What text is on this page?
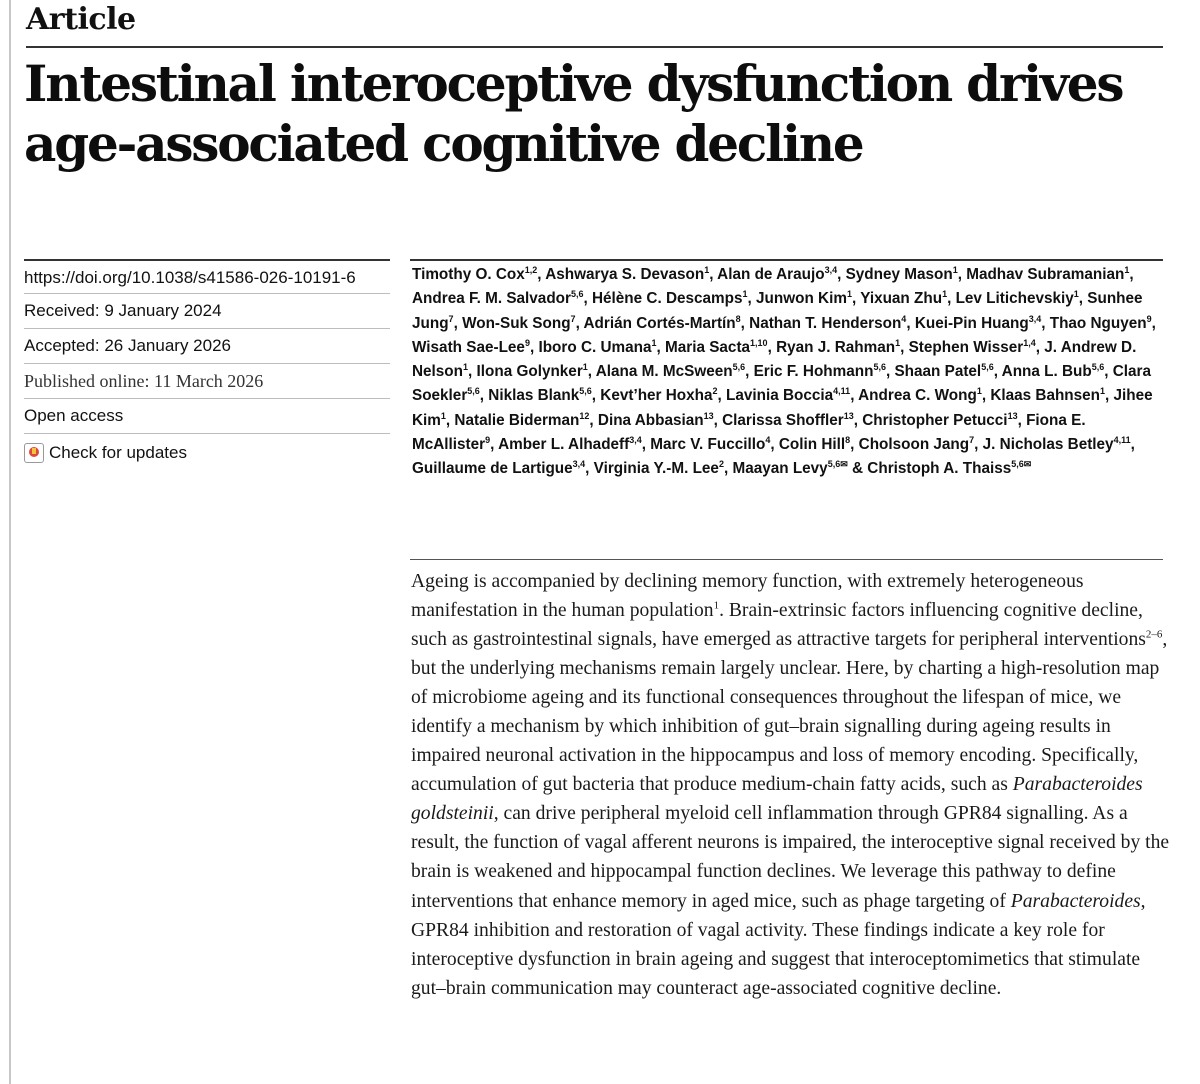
Article
Intestinal interoceptive dysfunction drives age-associated cognitive decline
https://doi.org/10.1038/s41586-026-10191-6
Received: 9 January 2024
Accepted: 26 January 2026
Published online: 11 March 2026
Open access
Check for updates

Timothy O. Cox$^{1,2}$, Ashwarya S. Devason$^1$, Alan de Araujo$^{3,4}$, Sydney Mason$^1$, Madhav Subramanian$^1$, Andrea F. M. Salvador$^{5,6}$, Hélène C. Descamps$^1$, Junwon Kim$^1$, Yixuan Zhu$^1$, Lev Litichevskiy$^1$, Sunhee Jung$^7$, Won-Suk Song$^7$, Adrián Cortés-Martín$^8$, Nathan T. Henderson$^4$, Kuei-Pin Huang$^{3,4}$, Thao Nguyen$^9$, Wisath Sae-Lee$^9$, Iboro C. Umana$^1$, Maria Sacta$^{1,10}$, Ryan J. Rahman$^1$, Stephen Wisser$^{1,4}$, J. Andrew D. Nelson$^1$, Ilona Golynker$^1$, Alana M. McSween$^{5,6}$, Eric F. Hohmann$^{5,6}$, Shaan Patel$^{5,6}$, Anna L. Bub$^{5,6}$, Clara Soekler$^{5,6}$, Niklas Blank$^{5,6}$, Kevt’her Hoxha$^2$, Lavinia Boccia$^{4,11}$, Andrea C. Wong$^1$, Klaas Bahnsen$^1$, Jihee Kim$^1$, Natalie Biderman$^{12}$, Dina Abbasian$^{13}$, Clarissa Shoffler$^{13}$, Christopher Petucci$^{13}$, Fiona E. McAllister$^9$, Amber L. Alhadeff$^{3,4}$, Marc V. Fuccillo$^4$, Colin Hill$^8$, Cholsoon Jang$^7$, J. Nicholas Betley$^{4,11}$, Guillaume de Lartigue$^{3,4}$, Virginia Y.-M. Lee$^2$, Maayan Levy$^{5,6✉}$ & Christoph A. Thaiss$^{5,6✉}$

Ageing is accompanied by declining memory function, with extremely heterogeneous manifestation in the human population$^1$. Brain-extrinsic factors influencing cognitive decline, such as gastrointestinal signals, have emerged as attractive targets for peripheral interventions$^{2-6}$, but the underlying mechanisms remain largely unclear. Here, by charting a high-resolution map of microbiome ageing and its functional consequences throughout the lifespan of mice, we identify a mechanism by which inhibition of gut–brain signalling during ageing results in impaired neuronal activation in the hippocampus and loss of memory encoding. Specifically, accumulation of gut bacteria that produce medium-chain fatty acids, such as Parabacteroides goldsteinii, can drive peripheral myeloid cell inflammation through GPR84 signalling. As a result, the function of vagal afferent neurons is impaired, the interoceptive signal received by the brain is weakened and hippocampal function declines. We leverage this pathway to define interventions that enhance memory in aged mice, such as phage targeting of Parabacteroides, GPR84 inhibition and restoration of vagal activity. These findings indicate a key role for interoceptive dysfunction in brain ageing and suggest that interoceptomimetics that stimulate gut–brain communication may counteract age-associated cognitive decline.
